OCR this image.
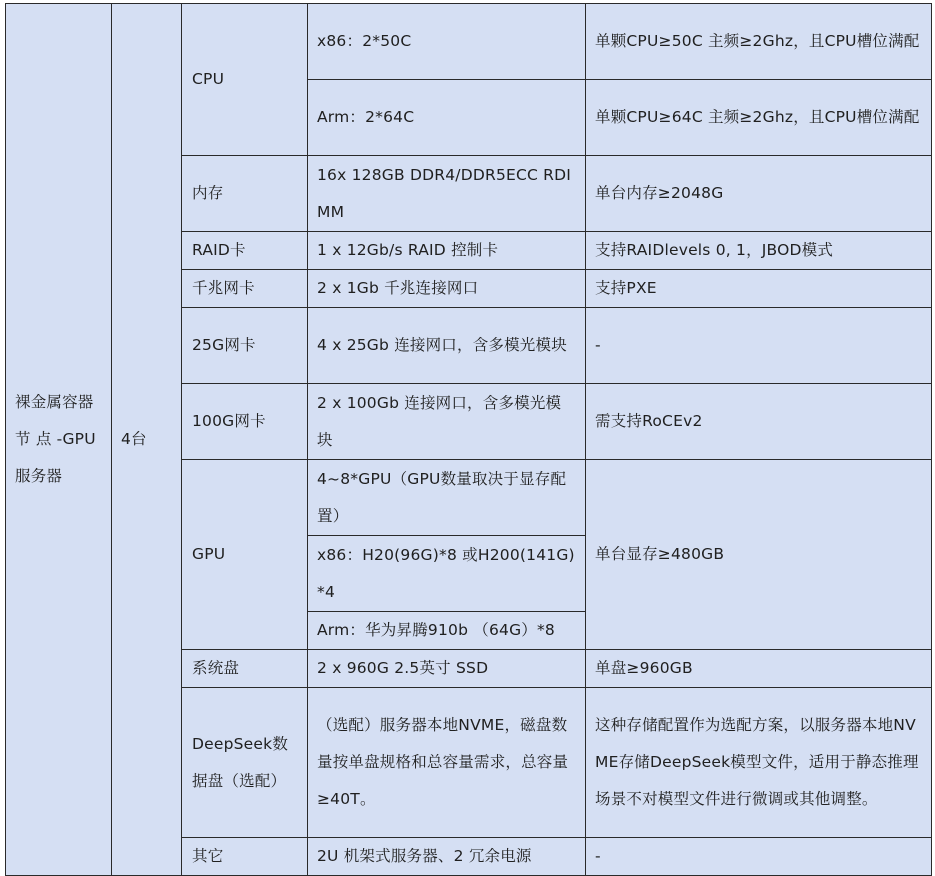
裸金属容器节 点 -GPU 服务器	4台	CPU	x86：2*50C	单颗CPU≥50C 主频≥2Ghz，且CPU槽位满配
			Arm：2*64C	单颗CPU≥64C 主频≥2Ghz，且CPU槽位满配
		内存	16x 128GB DDR4/DDR5ECC RDIMM	单台内存≥2048G
		RAID卡	1 x 12Gb/s RAID 控制卡	支持RAIDlevels 0, 1，JBOD模式
		千兆网卡	2 x 1Gb 千兆连接网口	支持PXE
		25G网卡	4 x 25Gb 连接网口，含多模光模块	-
		100G网卡	2 x 100Gb 连接网口，含多模光模块	需支持RoCEv2
		GPU	4~8*GPU（GPU数量取决于显存配置）	单台显存≥480GB
			x86：H20(96G)*8 或H200(141G)*4	
			Arm：华为昇腾910b （64G）*8	
		系统盘	2 x 960G 2.5英寸 SSD	单盘≥960GB
		DeepSeek数据盘（选配）	（选配）服务器本地NVME，磁盘数量按单盘规格和总容量需求，总容量≥40T。	这种存储配置作为选配方案，以服务器本地NVME存储DeepSeek模型文件，适用于静态推理场景不对模型文件进行微调或其他调整。
		其它	2U 机架式服务器、2 冗余电源	-
